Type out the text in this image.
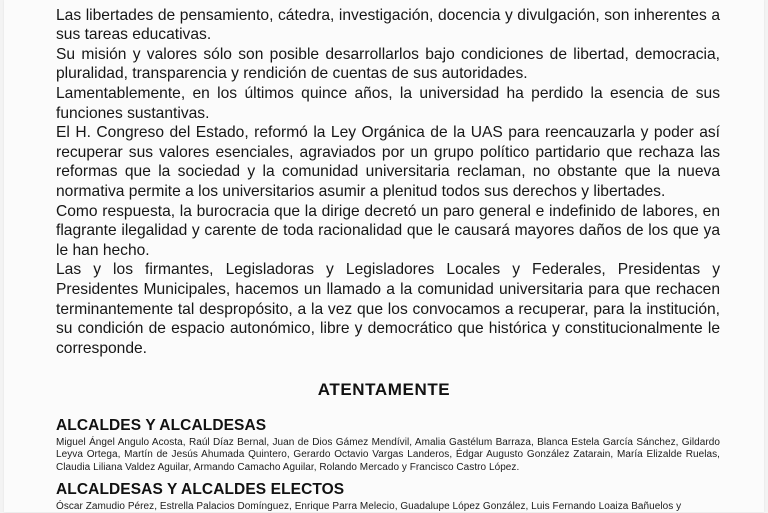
Las libertades de pensamiento, cátedra, investigación, docencia y divulgación, son inherentes a sus tareas educativas.

Su misión y valores sólo son posible desarrollarlos bajo condiciones de libertad, democracia, pluralidad, transparencia y rendición de cuentas de sus autoridades.

Lamentablemente, en los últimos quince años, la universidad ha perdido la esencia de sus funciones sustantivas.

El H. Congreso del Estado, reformó la Ley Orgánica de la UAS para reencauzarla y poder así recuperar sus valores esenciales, agraviados por un grupo político partidario que rechaza las reformas que la sociedad y la comunidad universitaria reclaman, no obstante que la nueva normativa permite a los universitarios asumir a plenitud todos sus derechos y libertades.

Como respuesta, la burocracia que la dirige decretó un paro general e indefinido de labores, en flagrante ilegalidad y carente de toda racionalidad que le causará mayores daños de los que ya le han hecho.

Las y los firmantes, Legisladoras y Legisladores Locales y Federales, Presidentas y Presidentes Municipales, hacemos un llamado a la comunidad universitaria para que rechacen terminantemente tal despropósito, a la vez que los convocamos a recuperar, para la institución, su condición de espacio autonómico, libre y democrático que histórica y constitucionalmente le corresponde.

ATENTAMENTE
ALCALDES Y ALCALDESAS

Miguel Ángel Angulo Acosta, Raúl Díaz Bernal, Juan de Dios Gámez Mendívil, Amalia Gastélum Barraza, Blanca Estela García Sánchez, Gildardo Leyva Ortega, Martín de Jesús Ahumada Quintero, Gerardo Octavio Vargas Landeros, Édgar Augusto González Zatarain, María Elizalde Ruelas, Claudia Liliana Valdez Aguilar, Armando Camacho Aguilar, Rolando Mercado y Francisco Castro López.

ALCALDESAS Y ALCALDES ELECTOS

Óscar Zamudio Pérez, Estrella Palacios Domínguez, Enrique Parra Melecio, Guadalupe López González, Luis Fernando Loaiza Bañuelos y
